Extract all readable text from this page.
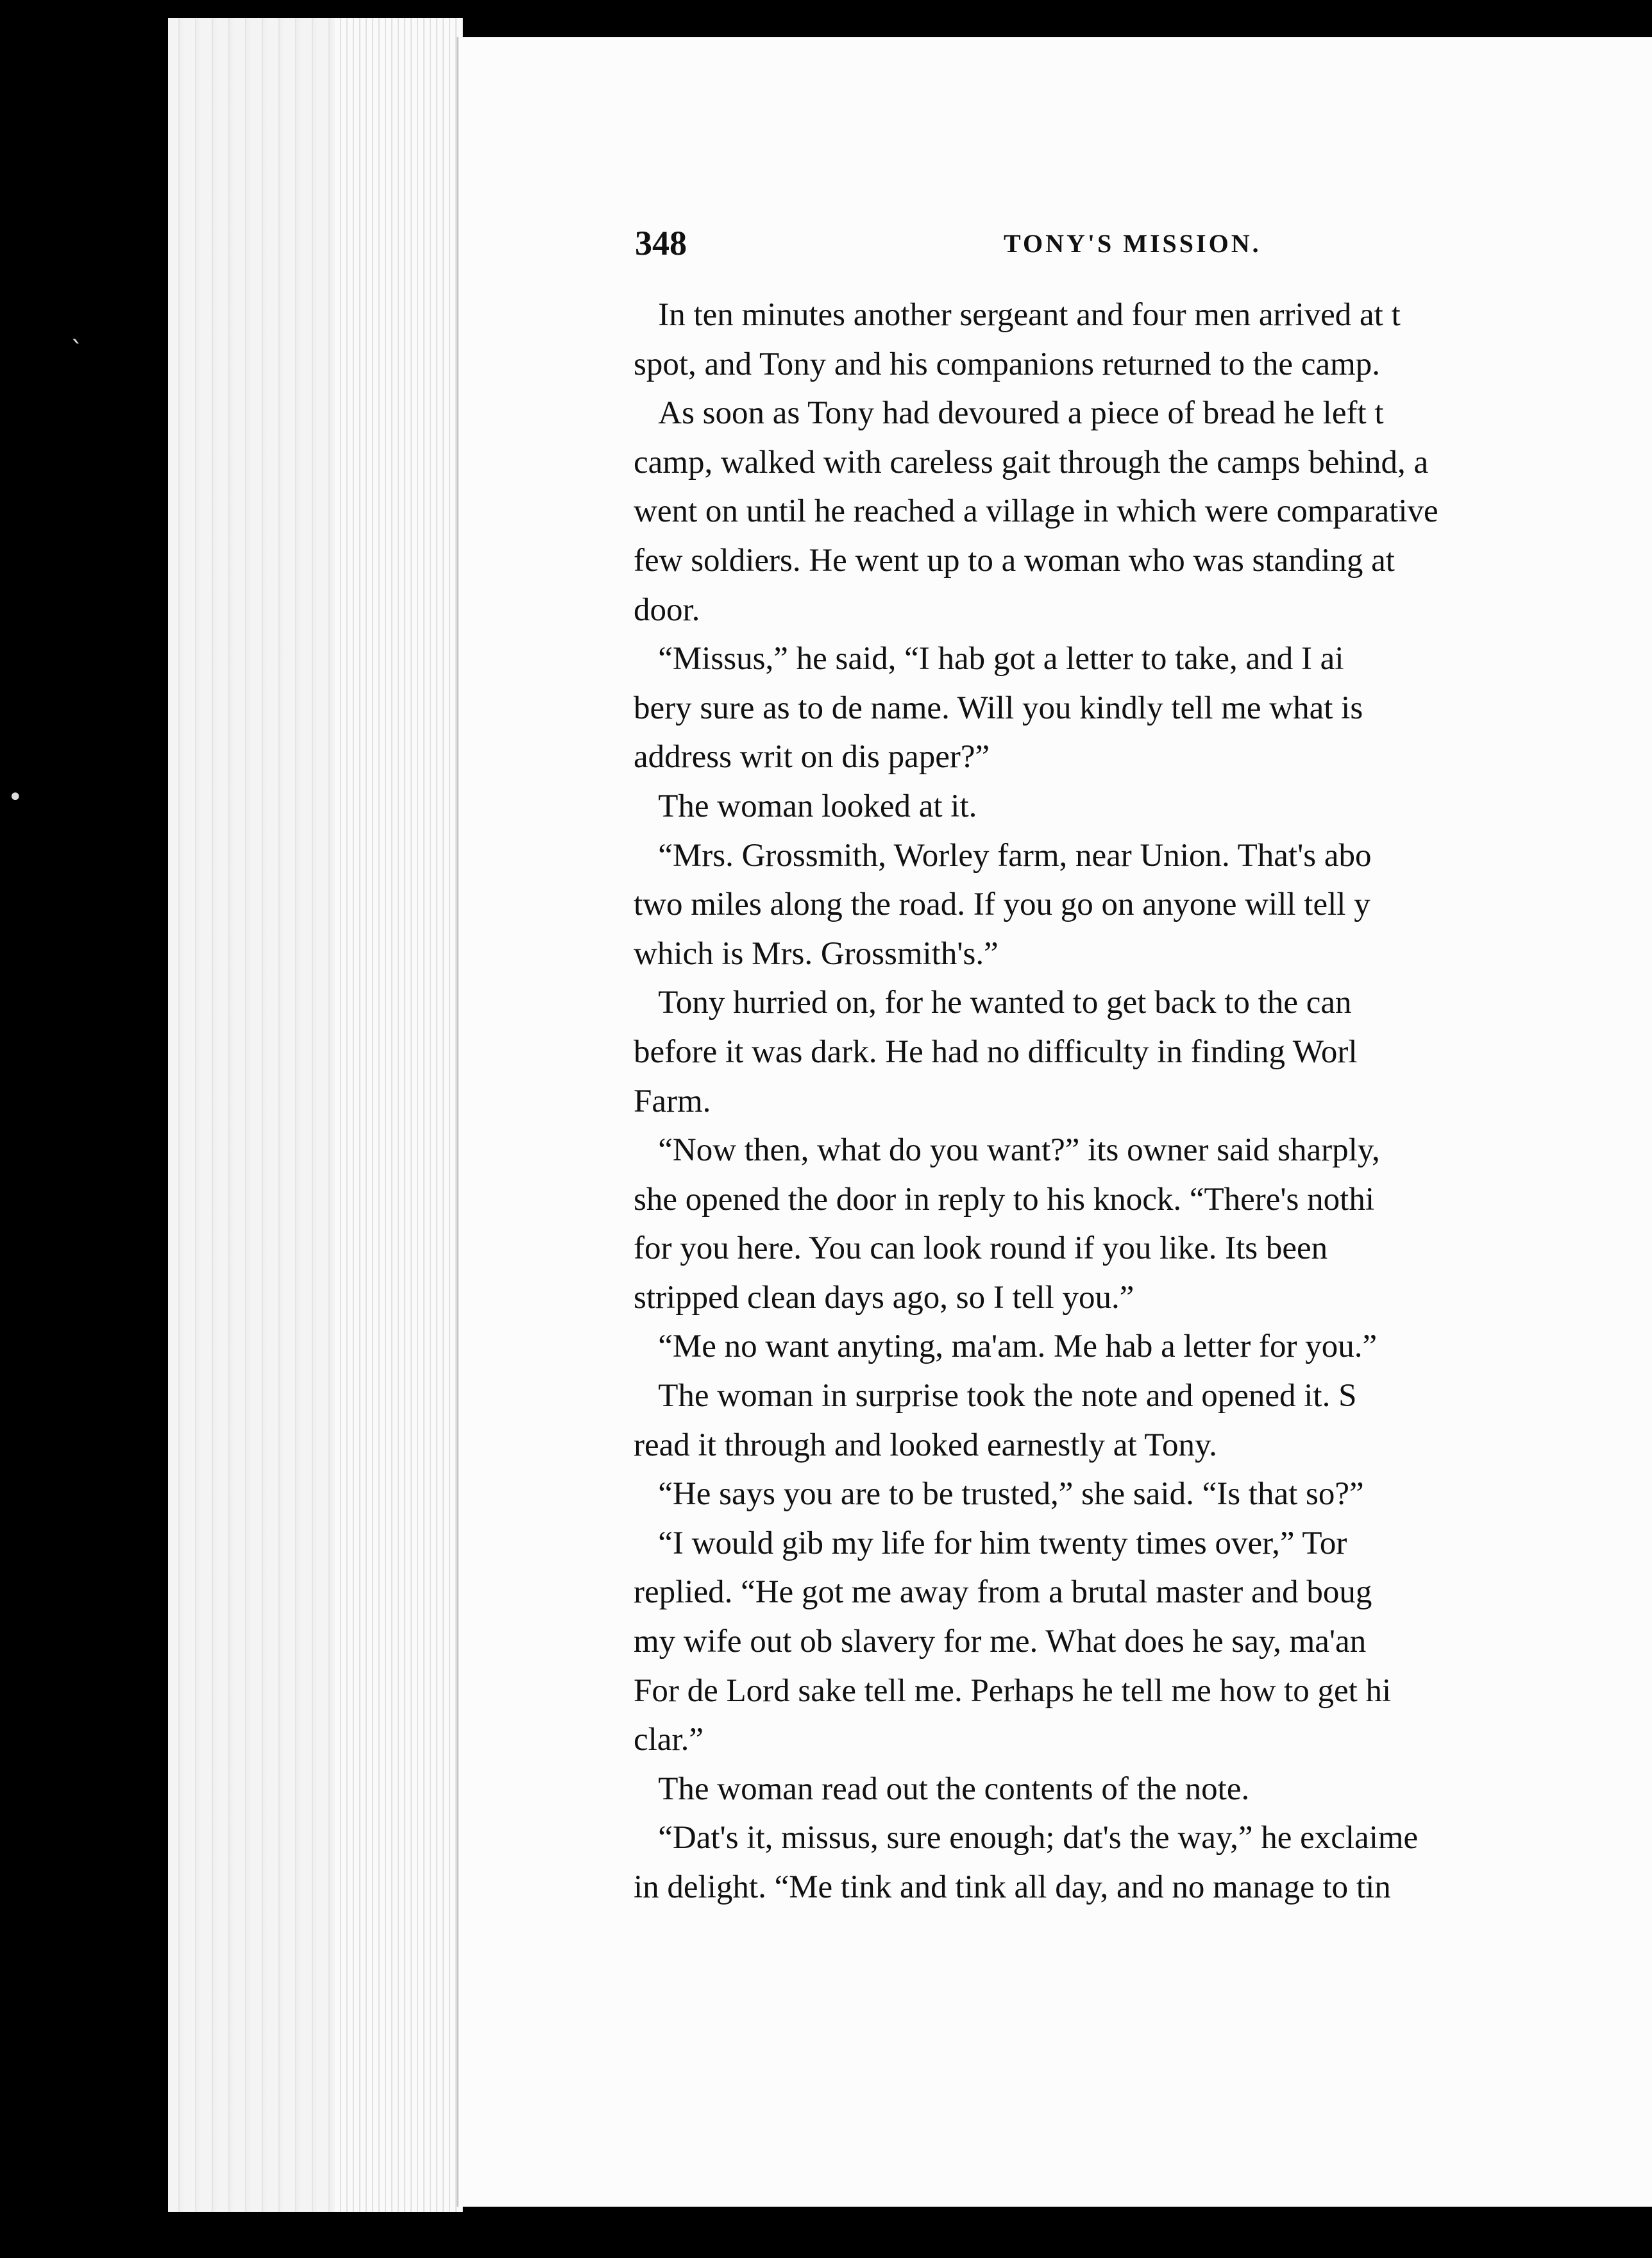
ˎ
•
348	TONY'S MISSION.
In ten minutes another sergeant and four men arrived at t
spot, and Tony and his companions returned to the camp.
As soon as Tony had devoured a piece of bread he left t
camp, walked with careless gait through the camps behind, a
went on until he reached a village in which were comparative
few soldiers. He went up to a woman who was standing at
door.
“Missus,” he said, “I hab got a letter to take, and I ai
bery sure as to de name. Will you kindly tell me what is
address writ on dis paper?”
The woman looked at it.
“Mrs. Grossmith, Worley farm, near Union. That's abo
two miles along the road. If you go on anyone will tell y
which is Mrs. Grossmith's.”
Tony hurried on, for he wanted to get back to the can
before it was dark. He had no difficulty in finding Worl
Farm.
“Now then, what do you want?” its owner said sharply,
she opened the door in reply to his knock. “There's nothi
for you here. You can look round if you like. Its been
stripped clean days ago, so I tell you.”
“Me no want anyting, ma'am. Me hab a letter for you.”
The woman in surprise took the note and opened it. S
read it through and looked earnestly at Tony.
“He says you are to be trusted,” she said. “Is that so?”
“I would gib my life for him twenty times over,” Tor
replied. “He got me away from a brutal master and boug
my wife out ob slavery for me. What does he say, ma'an
For de Lord sake tell me. Perhaps he tell me how to get hi
clar.”
The woman read out the contents of the note.
“Dat's it, missus, sure enough; dat's the way,” he exclaime
in delight. “Me tink and tink all day, and no manage to tin
